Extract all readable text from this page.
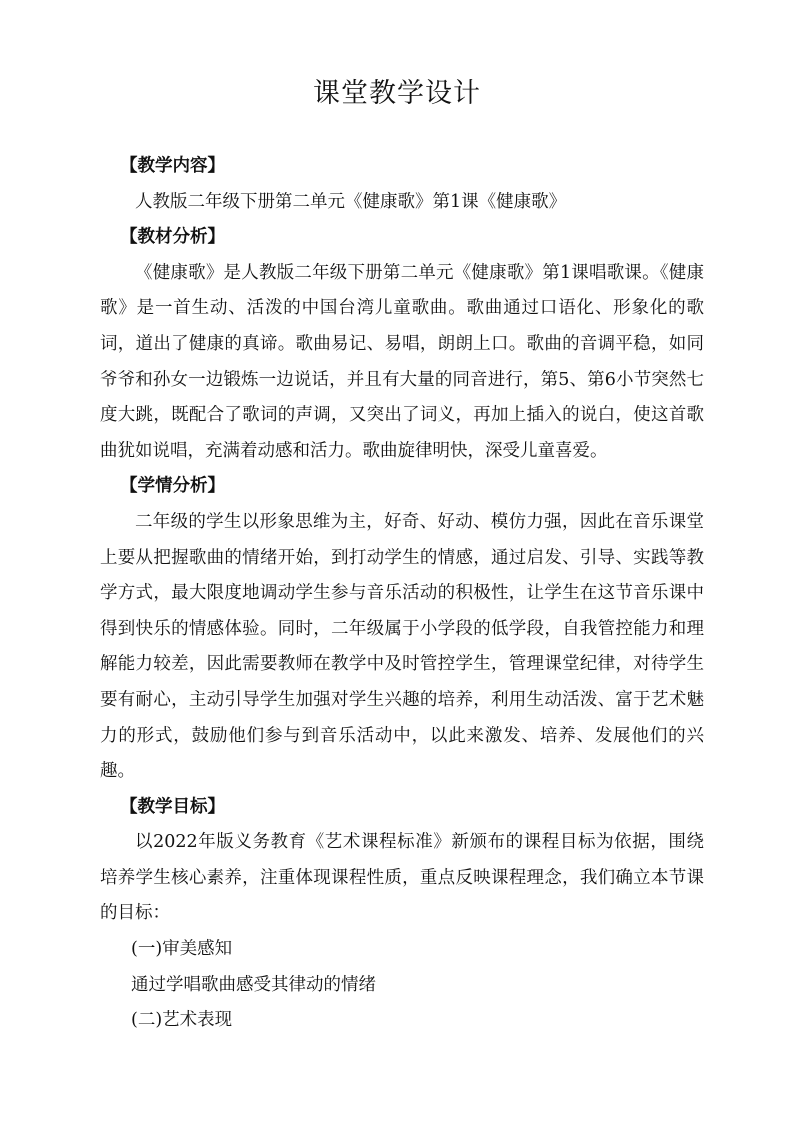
课堂教学设计

【教学内容】

人教版二年级下册第二单元《健康歌》第1课《健康歌》

【教材分析】

《健康歌》是人教版二年级下册第二单元《健康歌》第1课唱歌课。《健康歌》是一首生动、活泼的中国台湾儿童歌曲。歌曲通过口语化、形象化的歌词，道出了健康的真谛。歌曲易记、易唱，朗朗上口。歌曲的音调平稳，如同爷爷和孙女一边锻炼一边说话，并且有大量的同音进行，第5、第6小节突然七度大跳，既配合了歌词的声调，又突出了词义，再加上插入的说白，使这首歌曲犹如说唱，充满着动感和活力。歌曲旋律明快，深受儿童喜爱。

【学情分析】

二年级的学生以形象思维为主，好奇、好动、模仿力强，因此在音乐课堂上要从把握歌曲的情绪开始，到打动学生的情感，通过启发、引导、实践等教学方式，最大限度地调动学生参与音乐活动的积极性，让学生在这节音乐课中得到快乐的情感体验。同时，二年级属于小学段的低学段，自我管控能力和理解能力较差，因此需要教师在教学中及时管控学生，管理课堂纪律，对待学生要有耐心，主动引导学生加强对学生兴趣的培养，利用生动活泼、富于艺术魅力的形式，鼓励他们参与到音乐活动中，以此来激发、培养、发展他们的兴趣。

【教学目标】

以2022年版义务教育《艺术课程标准》新颁布的课程目标为依据，围绕培养学生核心素养，注重体现课程性质，重点反映课程理念，我们确立本节课的目标：

(一)审美感知

通过学唱歌曲感受其律动的情绪

(二)艺术表现
